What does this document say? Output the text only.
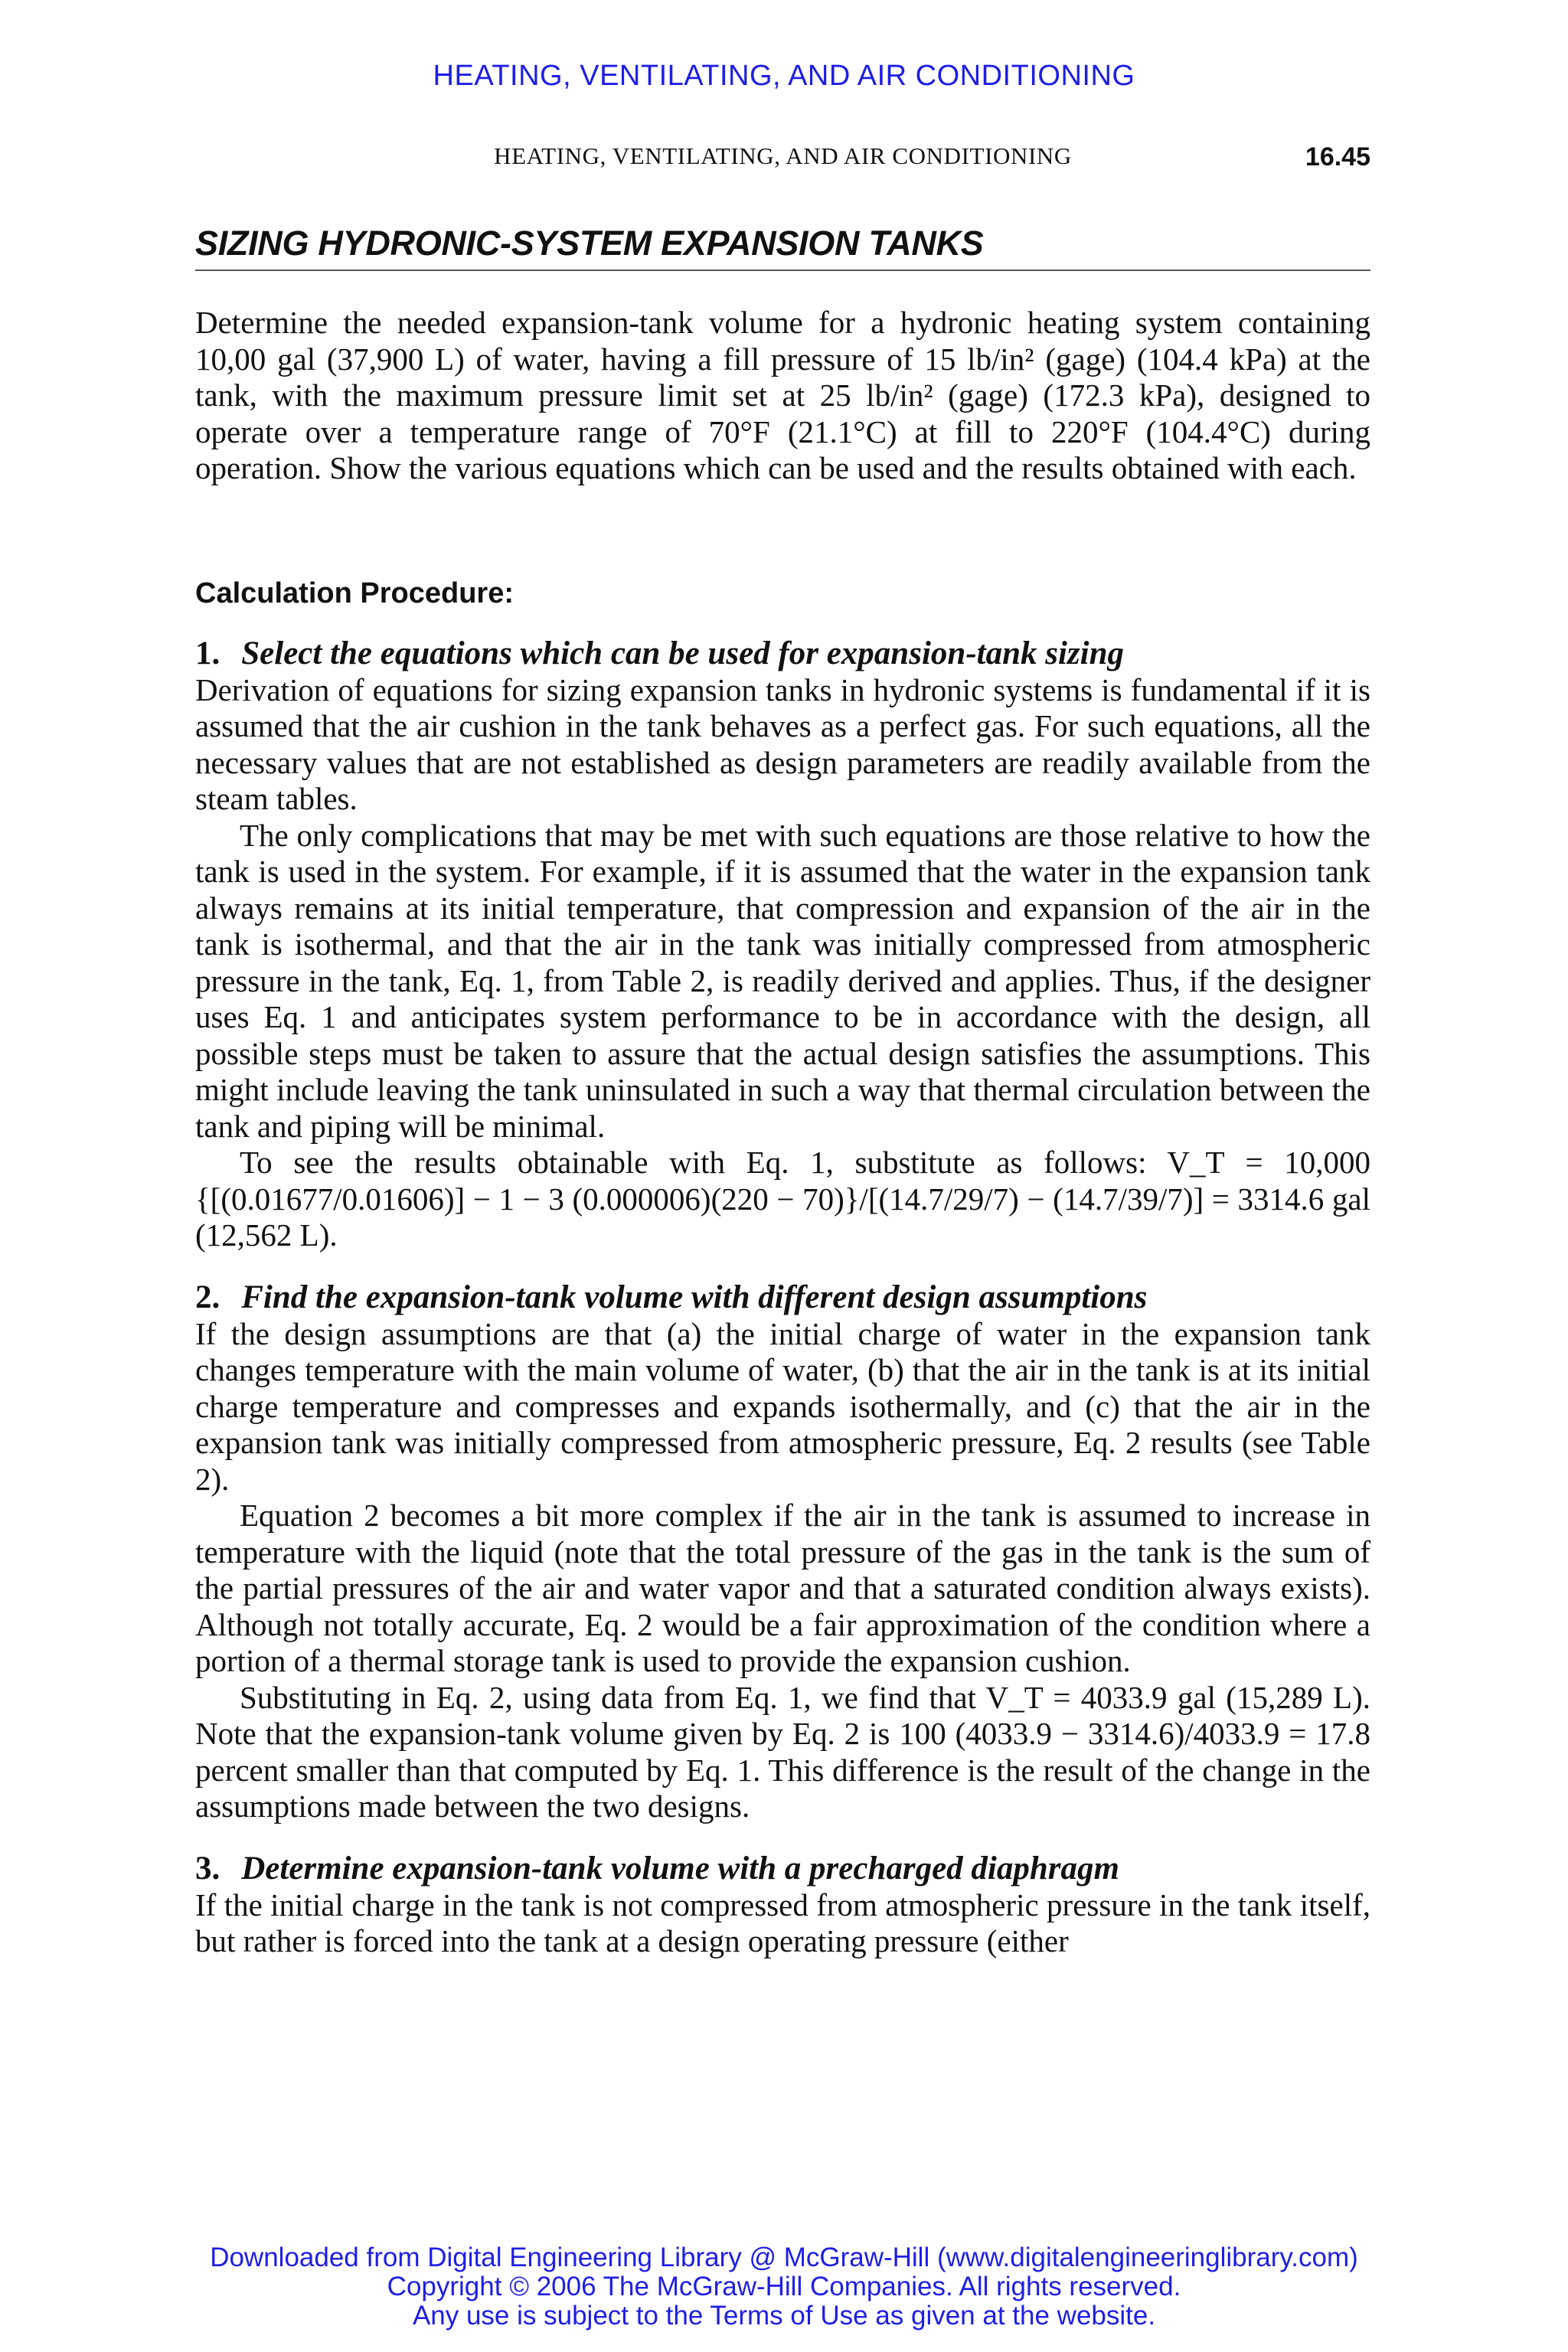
HEATING, VENTILATING, AND AIR CONDITIONING
HEATING, VENTILATING, AND AIR CONDITIONING	16.45
SIZING HYDRONIC-SYSTEM EXPANSION TANKS

Determine the needed expansion-tank volume for a hydronic heating system containing 10,00 gal (37,900 L) of water, having a fill pressure of 15 lb/in² (gage) (104.4 kPa) at the tank, with the maximum pressure limit set at 25 lb/in² (gage) (172.3 kPa), designed to operate over a temperature range of 70°F (21.1°C) at fill to 220°F (104.4°C) during operation. Show the various equations which can be used and the results obtained with each.

Calculation Procedure:
1. Select the equations which can be used for expansion-tank sizing

Derivation of equations for sizing expansion tanks in hydronic systems is fundamental if it is assumed that the air cushion in the tank behaves as a perfect gas. For such equations, all the necessary values that are not established as design parameters are readily available from the steam tables.

The only complications that may be met with such equations are those relative to how the tank is used in the system. For example, if it is assumed that the water in the expansion tank always remains at its initial temperature, that compression and expansion of the air in the tank is isothermal, and that the air in the tank was initially compressed from atmospheric pressure in the tank, Eq. 1, from Table 2, is readily derived and applies. Thus, if the designer uses Eq. 1 and anticipates system performance to be in accordance with the design, all possible steps must be taken to assure that the actual design satisfies the assumptions. This might include leaving the tank uninsulated in such a way that thermal circulation between the tank and piping will be minimal.

To see the results obtainable with Eq. 1, substitute as follows: V_T = 10,000 {[(0.01677/0.01606)] − 1 − 3 (0.000006)(220 − 70)}/[(14.7/29/7) − (14.7/39/7)] = 3314.6 gal (12,562 L).

2. Find the expansion-tank volume with different design assumptions

If the design assumptions are that (a) the initial charge of water in the expansion tank changes temperature with the main volume of water, (b) that the air in the tank is at its initial charge temperature and compresses and expands isothermally, and (c) that the air in the expansion tank was initially compressed from atmospheric pressure, Eq. 2 results (see Table 2).

Equation 2 becomes a bit more complex if the air in the tank is assumed to increase in temperature with the liquid (note that the total pressure of the gas in the tank is the sum of the partial pressures of the air and water vapor and that a saturated condition always exists). Although not totally accurate, Eq. 2 would be a fair approximation of the condition where a portion of a thermal storage tank is used to provide the expansion cushion.

Substituting in Eq. 2, using data from Eq. 1, we find that V_T = 4033.9 gal (15,289 L). Note that the expansion-tank volume given by Eq. 2 is 100 (4033.9 − 3314.6)/4033.9 = 17.8 percent smaller than that computed by Eq. 1. This difference is the result of the change in the assumptions made between the two designs.

3. Determine expansion-tank volume with a precharged diaphragm

If the initial charge in the tank is not compressed from atmospheric pressure in the tank itself, but rather is forced into the tank at a design operating pressure (either

Downloaded from Digital Engineering Library @ McGraw-Hill (www.digitalengineeringlibrary.com)
Copyright © 2006 The McGraw-Hill Companies. All rights reserved.
Any use is subject to the Terms of Use as given at the website.
